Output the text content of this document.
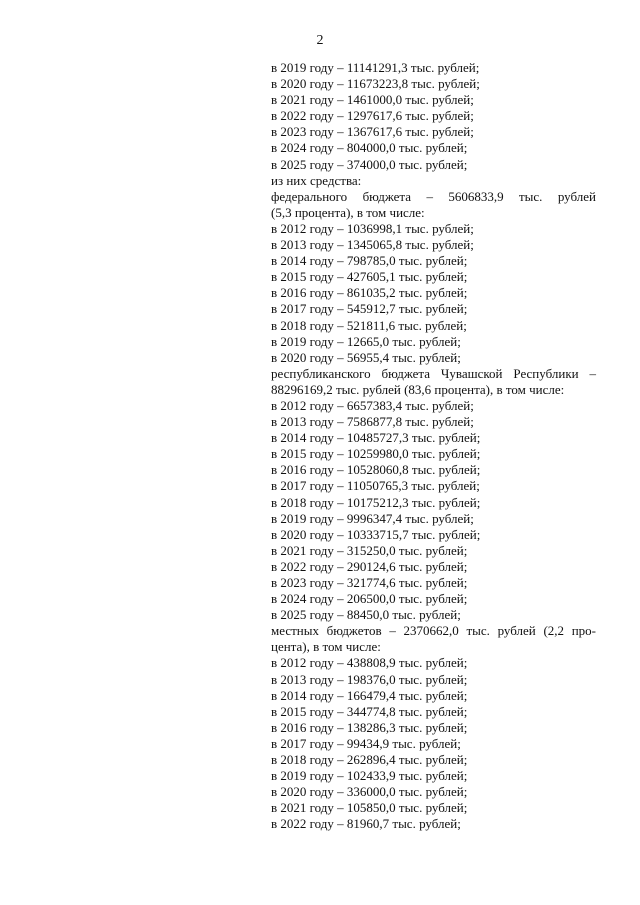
2
в 2019 году – 11141291,3 тыс. рублей;
в 2020 году – 11673223,8 тыс. рублей;
в 2021 году – 1461000,0 тыс. рублей;
в 2022 году – 1297617,6 тыс. рублей;
в 2023 году – 1367617,6 тыс. рублей;
в 2024 году – 804000,0 тыс. рублей;
в 2025 году – 374000,0 тыс. рублей;
из них средства:
федерального бюджета – 5606833,9 тыс. рублей
(5,3 процента), в том числе:
в 2012 году – 1036998,1 тыс. рублей;
в 2013 году – 1345065,8 тыс. рублей;
в 2014 году – 798785,0 тыс. рублей;
в 2015 году – 427605,1 тыс. рублей;
в 2016 году – 861035,2 тыс. рублей;
в 2017 году – 545912,7 тыс. рублей;
в 2018 году – 521811,6 тыс. рублей;
в 2019 году – 12665,0 тыс. рублей;
в 2020 году – 56955,4 тыс. рублей;
республиканского бюджета Чувашской Республики –
88296169,2 тыс. рублей (83,6 процента), в том числе:
в 2012 году – 6657383,4 тыс. рублей;
в 2013 году – 7586877,8 тыс. рублей;
в 2014 году – 10485727,3 тыс. рублей;
в 2015 году – 10259980,0 тыс. рублей;
в 2016 году – 10528060,8 тыс. рублей;
в 2017 году – 11050765,3 тыс. рублей;
в 2018 году – 10175212,3 тыс. рублей;
в 2019 году – 9996347,4 тыс. рублей;
в 2020 году – 10333715,7 тыс. рублей;
в 2021 году – 315250,0 тыс. рублей;
в 2022 году – 290124,6 тыс. рублей;
в 2023 году – 321774,6 тыс. рублей;
в 2024 году – 206500,0 тыс. рублей;
в 2025 году – 88450,0 тыс. рублей;
местных бюджетов – 2370662,0 тыс. рублей (2,2 про-
цента), в том числе:
в 2012 году – 438808,9 тыс. рублей;
в 2013 году – 198376,0 тыс. рублей;
в 2014 году – 166479,4 тыс. рублей;
в 2015 году – 344774,8 тыс. рублей;
в 2016 году – 138286,3 тыс. рублей;
в 2017 году – 99434,9 тыс. рублей;
в 2018 году – 262896,4 тыс. рублей;
в 2019 году – 102433,9 тыс. рублей;
в 2020 году – 336000,0 тыс. рублей;
в 2021 году – 105850,0 тыс. рублей;
в 2022 году – 81960,7 тыс. рублей;
